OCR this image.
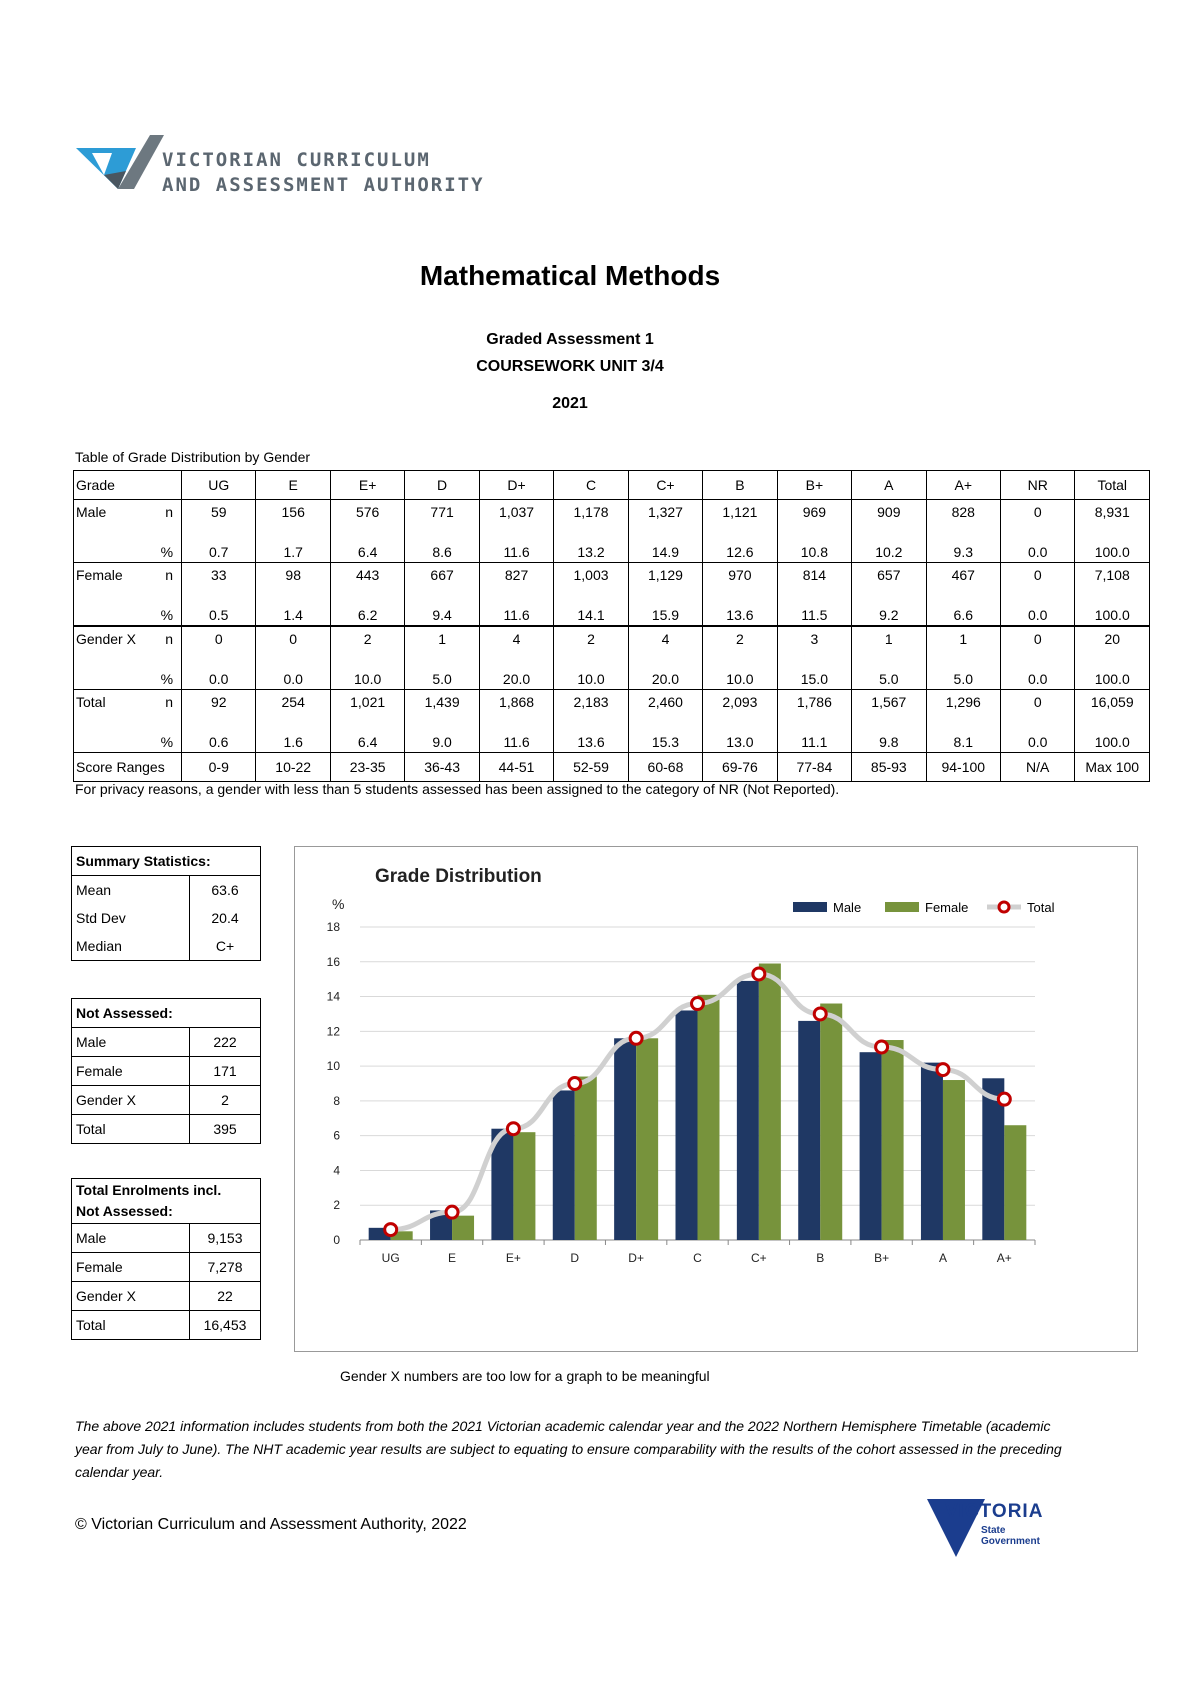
VICTORIAN CURRICULUM
AND ASSESSMENT AUTHORITY
Mathematical Methods
Graded Assessment 1
COURSEWORK UNIT 3/4
2021
Table of Grade Distribution by Gender
Grade		UG	E	E+	D	D+	C	C+	B	B+	A	A+	NR	Total
Male	n	59	156	576	771	1,037	1,178	1,327	1,121	969	909	828	0	8,931
	%	0.7	1.7	6.4	8.6	11.6	13.2	14.9	12.6	10.8	10.2	9.3	0.0	100.0
Female	n	33	98	443	667	827	1,003	1,129	970	814	657	467	0	7,108
	%	0.5	1.4	6.2	9.4	11.6	14.1	15.9	13.6	11.5	9.2	6.6	0.0	100.0
Gender X	n	0	0	2	1	4	2	4	2	3	1	1	0	20
	%	0.0	0.0	10.0	5.0	20.0	10.0	20.0	10.0	15.0	5.0	5.0	0.0	100.0
Total	n	92	254	1,021	1,439	1,868	2,183	2,460	2,093	1,786	1,567	1,296	0	16,059
	%	0.6	1.6	6.4	9.0	11.6	13.6	15.3	13.0	11.1	9.8	8.1	0.0	100.0
Score Ranges		0-9	10-22	23-35	36-43	44-51	52-59	60-68	69-76	77-84	85-93	94-100	N/A	Max 100
For privacy reasons, a gender with less than 5 students assessed has been assigned to the category of NR (Not Reported).
Summary Statistics:	
Mean	63.6
Std Dev	20.4
Median	C+
Not Assessed:	
Male	222
Female	171
Gender X	2
Total	395
Total Enrolments incl.
Not Assessed:	
Male	9,153
Female	7,278
Gender X	22
Total	16,453
Grade Distribution
%	Male	Female	Total
0
2
4
6
8
10
12
14
16
18
UG	E	E+	D	D+	C	C+	B	B+	A	A+
Gender X numbers are too low for a graph to be meaningful
The above 2021 information includes students from both the 2021 Victorian academic calendar year and the 2022 Northern Hemisphere Timetable (academic year from July to June). The NHT academic year results are subject to equating to ensure comparability with the results of the cohort assessed in the preceding calendar year.
© Victorian Curriculum and Assessment Authority, 2022
VICTORIA
State
Government
